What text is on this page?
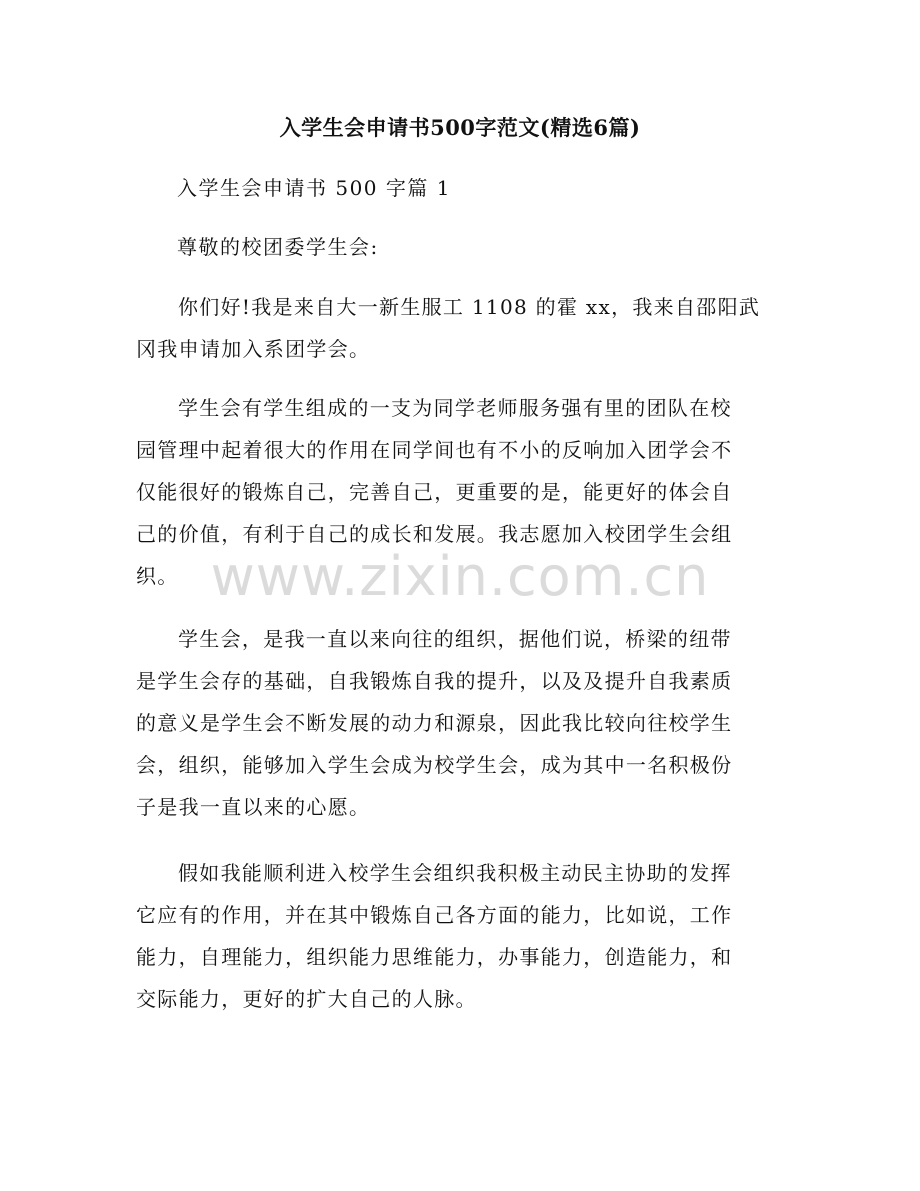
入学生会申请书500字范文(精选6篇)
入学生会申请书 500 字篇 1
尊敬的校团委学生会:

你们好!我是来自大一新生服工 1108 的霍 xx，我来自邵阳武
冈我申请加入系团学会。

学生会有学生组成的一支为同学老师服务强有里的团队在校
园管理中起着很大的作用在同学间也有不小的反响加入团学会不
仅能很好的锻炼自己，完善自己，更重要的是，能更好的体会自
己的价值，有利于自己的成长和发展。我志愿加入校团学生会组
织。

学生会，是我一直以来向往的组织，据他们说，桥梁的纽带
是学生会存的基础，自我锻炼自我的提升，以及及提升自我素质
的意义是学生会不断发展的动力和源泉，因此我比较向往校学生
会，组织，能够加入学生会成为校学生会，成为其中一名积极份
子是我一直以来的心愿。

假如我能顺利进入校学生会组织我积极主动民主协助的发挥
它应有的作用，并在其中锻炼自己各方面的能力，比如说，工作
能力，自理能力，组织能力思维能力，办事能力，创造能力，和
交际能力，更好的扩大自己的人脉。

www.zixin.com.cn
